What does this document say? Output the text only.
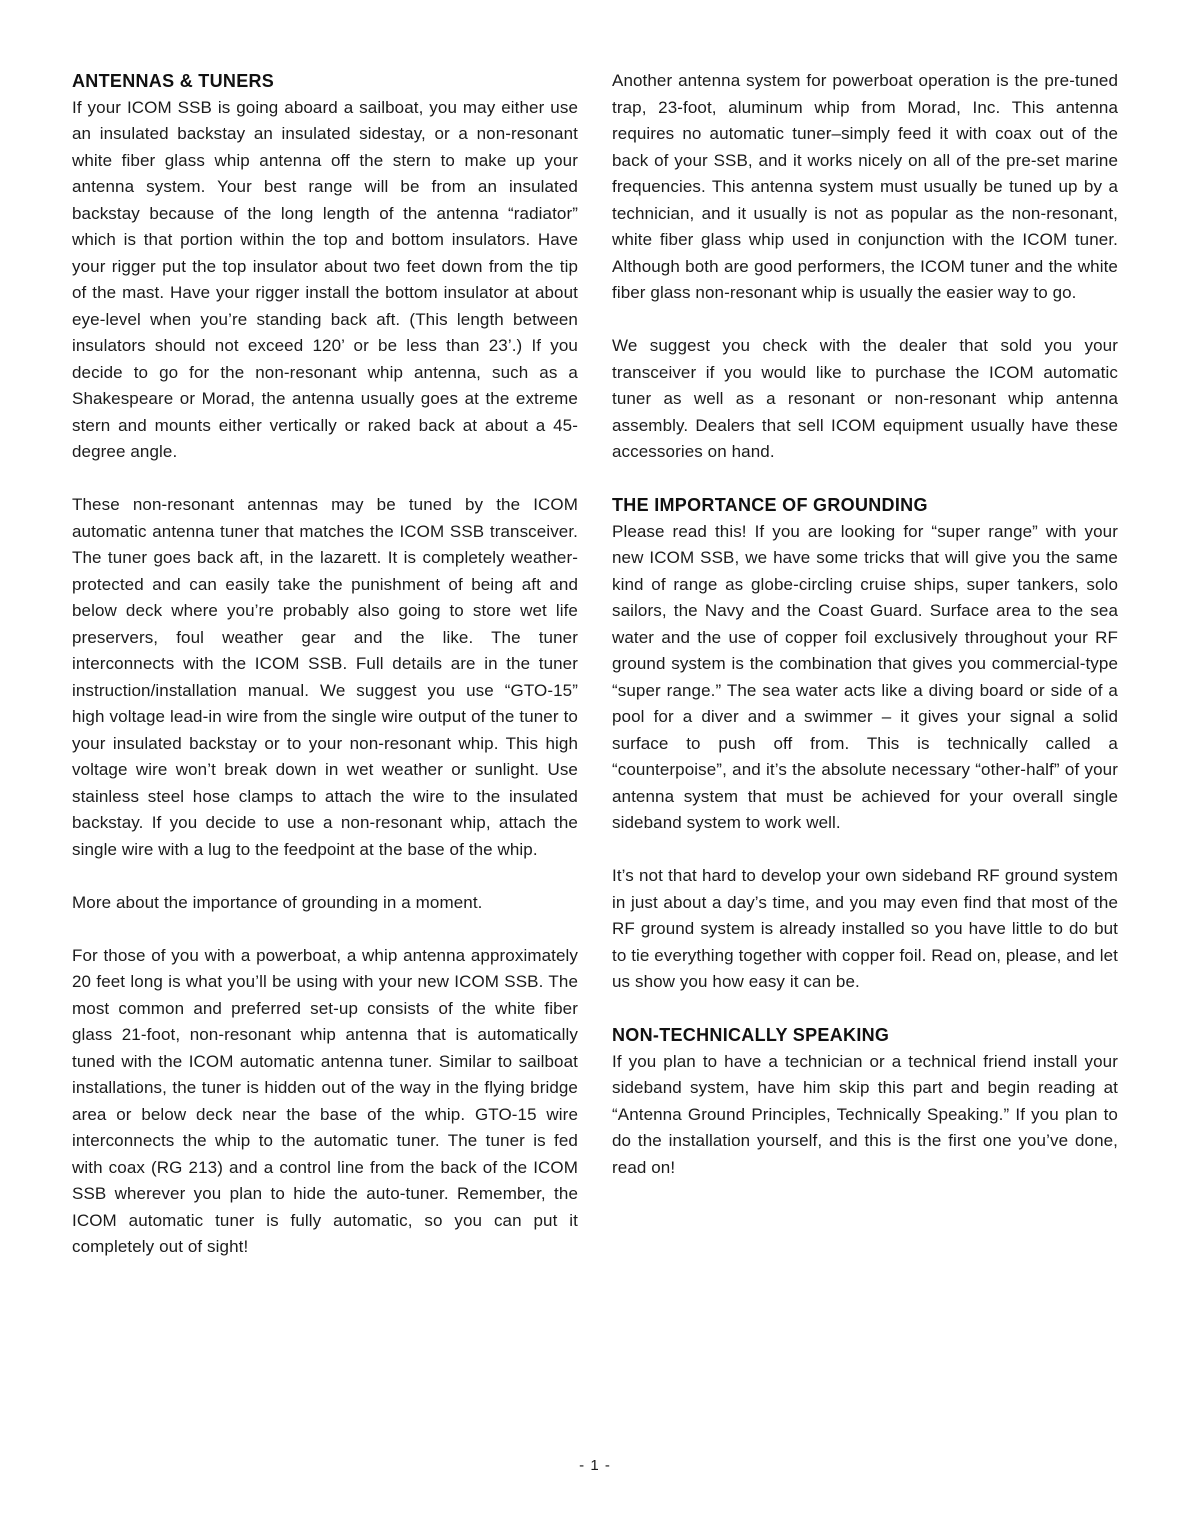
ANTENNAS & TUNERS

If your ICOM SSB is going aboard a sailboat, you may either use an insulated backstay an insulated sidestay, or a non-resonant white fiber glass whip antenna off the stern to make up your antenna system. Your best range will be from an insulated backstay because of the long length of the antenna “radiator” which is that portion within the top and bottom insulators. Have your rigger put the top insulator about two feet down from the tip of the mast. Have your rigger install the bottom insulator at about eye-level when you’re standing back aft. (This length between insulators should not exceed 120’ or be less than 23’.) If you decide to go for the non-resonant whip antenna, such as a Shakespeare or Morad, the antenna usually goes at the extreme stern and mounts either vertically or raked back at about a 45-degree angle.

These non-resonant antennas may be tuned by the ICOM automatic antenna tuner that matches the ICOM SSB transceiver. The tuner goes back aft, in the lazarett. It is completely weather-protected and can easily take the punishment of being aft and below deck where you’re probably also going to store wet life preservers, foul weather gear and the like. The tuner interconnects with the ICOM SSB. Full details are in the tuner instruction/installation manual. We suggest you use “GTO-15” high voltage lead-in wire from the single wire output of the tuner to your insulated backstay or to your non-resonant whip. This high voltage wire won’t break down in wet weather or sunlight. Use stainless steel hose clamps to attach the wire to the insulated backstay. If you decide to use a non-resonant whip, attach the single wire with a lug to the feedpoint at the base of the whip.

More about the importance of grounding in a moment.

For those of you with a powerboat, a whip antenna approximately 20 feet long is what you’ll be using with your new ICOM SSB. The most common and preferred set-up consists of the white fiber glass 21-foot, non-resonant whip antenna that is automatically tuned with the ICOM automatic antenna tuner. Similar to sailboat installations, the tuner is hidden out of the way in the flying bridge area or below deck near the base of the whip. GTO-15 wire interconnects the whip to the automatic tuner. The tuner is fed with coax (RG 213) and a control line from the back of the ICOM SSB wherever you plan to hide the auto-tuner. Remember, the ICOM automatic tuner is fully automatic, so you can put it completely out of sight!

Another antenna system for powerboat operation is the pre-tuned trap, 23-foot, aluminum whip from Morad, Inc. This antenna requires no automatic tuner–simply feed it with coax out of the back of your SSB, and it works nicely on all of the pre-set marine frequencies. This antenna system must usually be tuned up by a technician, and it usually is not as popular as the non-resonant, white fiber glass whip used in conjunction with the ICOM tuner. Although both are good performers, the ICOM tuner and the white fiber glass non-resonant whip is usually the easier way to go.

We suggest you check with the dealer that sold you your transceiver if you would like to purchase the ICOM automatic tuner as well as a resonant or non-resonant whip antenna assembly. Dealers that sell ICOM equipment usually have these accessories on hand.

THE IMPORTANCE OF GROUNDING

Please read this! If you are looking for “super range” with your new ICOM SSB, we have some tricks that will give you the same kind of range as globe-circling cruise ships, super tankers, solo sailors, the Navy and the Coast Guard. Surface area to the sea water and the use of copper foil exclusively throughout your RF ground system is the combination that gives you commercial-type “super range.” The sea water acts like a diving board or side of a pool for a diver and a swimmer – it gives your signal a solid surface to push off from. This is technically called a “counterpoise”, and it’s the absolute necessary “other-half” of your antenna system that must be achieved for your overall single sideband system to work well.

It’s not that hard to develop your own sideband RF ground system in just about a day’s time, and you may even find that most of the RF ground system is already installed so you have little to do but to tie everything together with copper foil. Read on, please, and let us show you how easy it can be.

NON-TECHNICALLY SPEAKING

If you plan to have a technician or a technical friend install your sideband system, have him skip this part and begin reading at “Antenna Ground Principles, Technically Speaking.” If you plan to do the installation yourself, and this is the first one you’ve done, read on!

- 1 -
